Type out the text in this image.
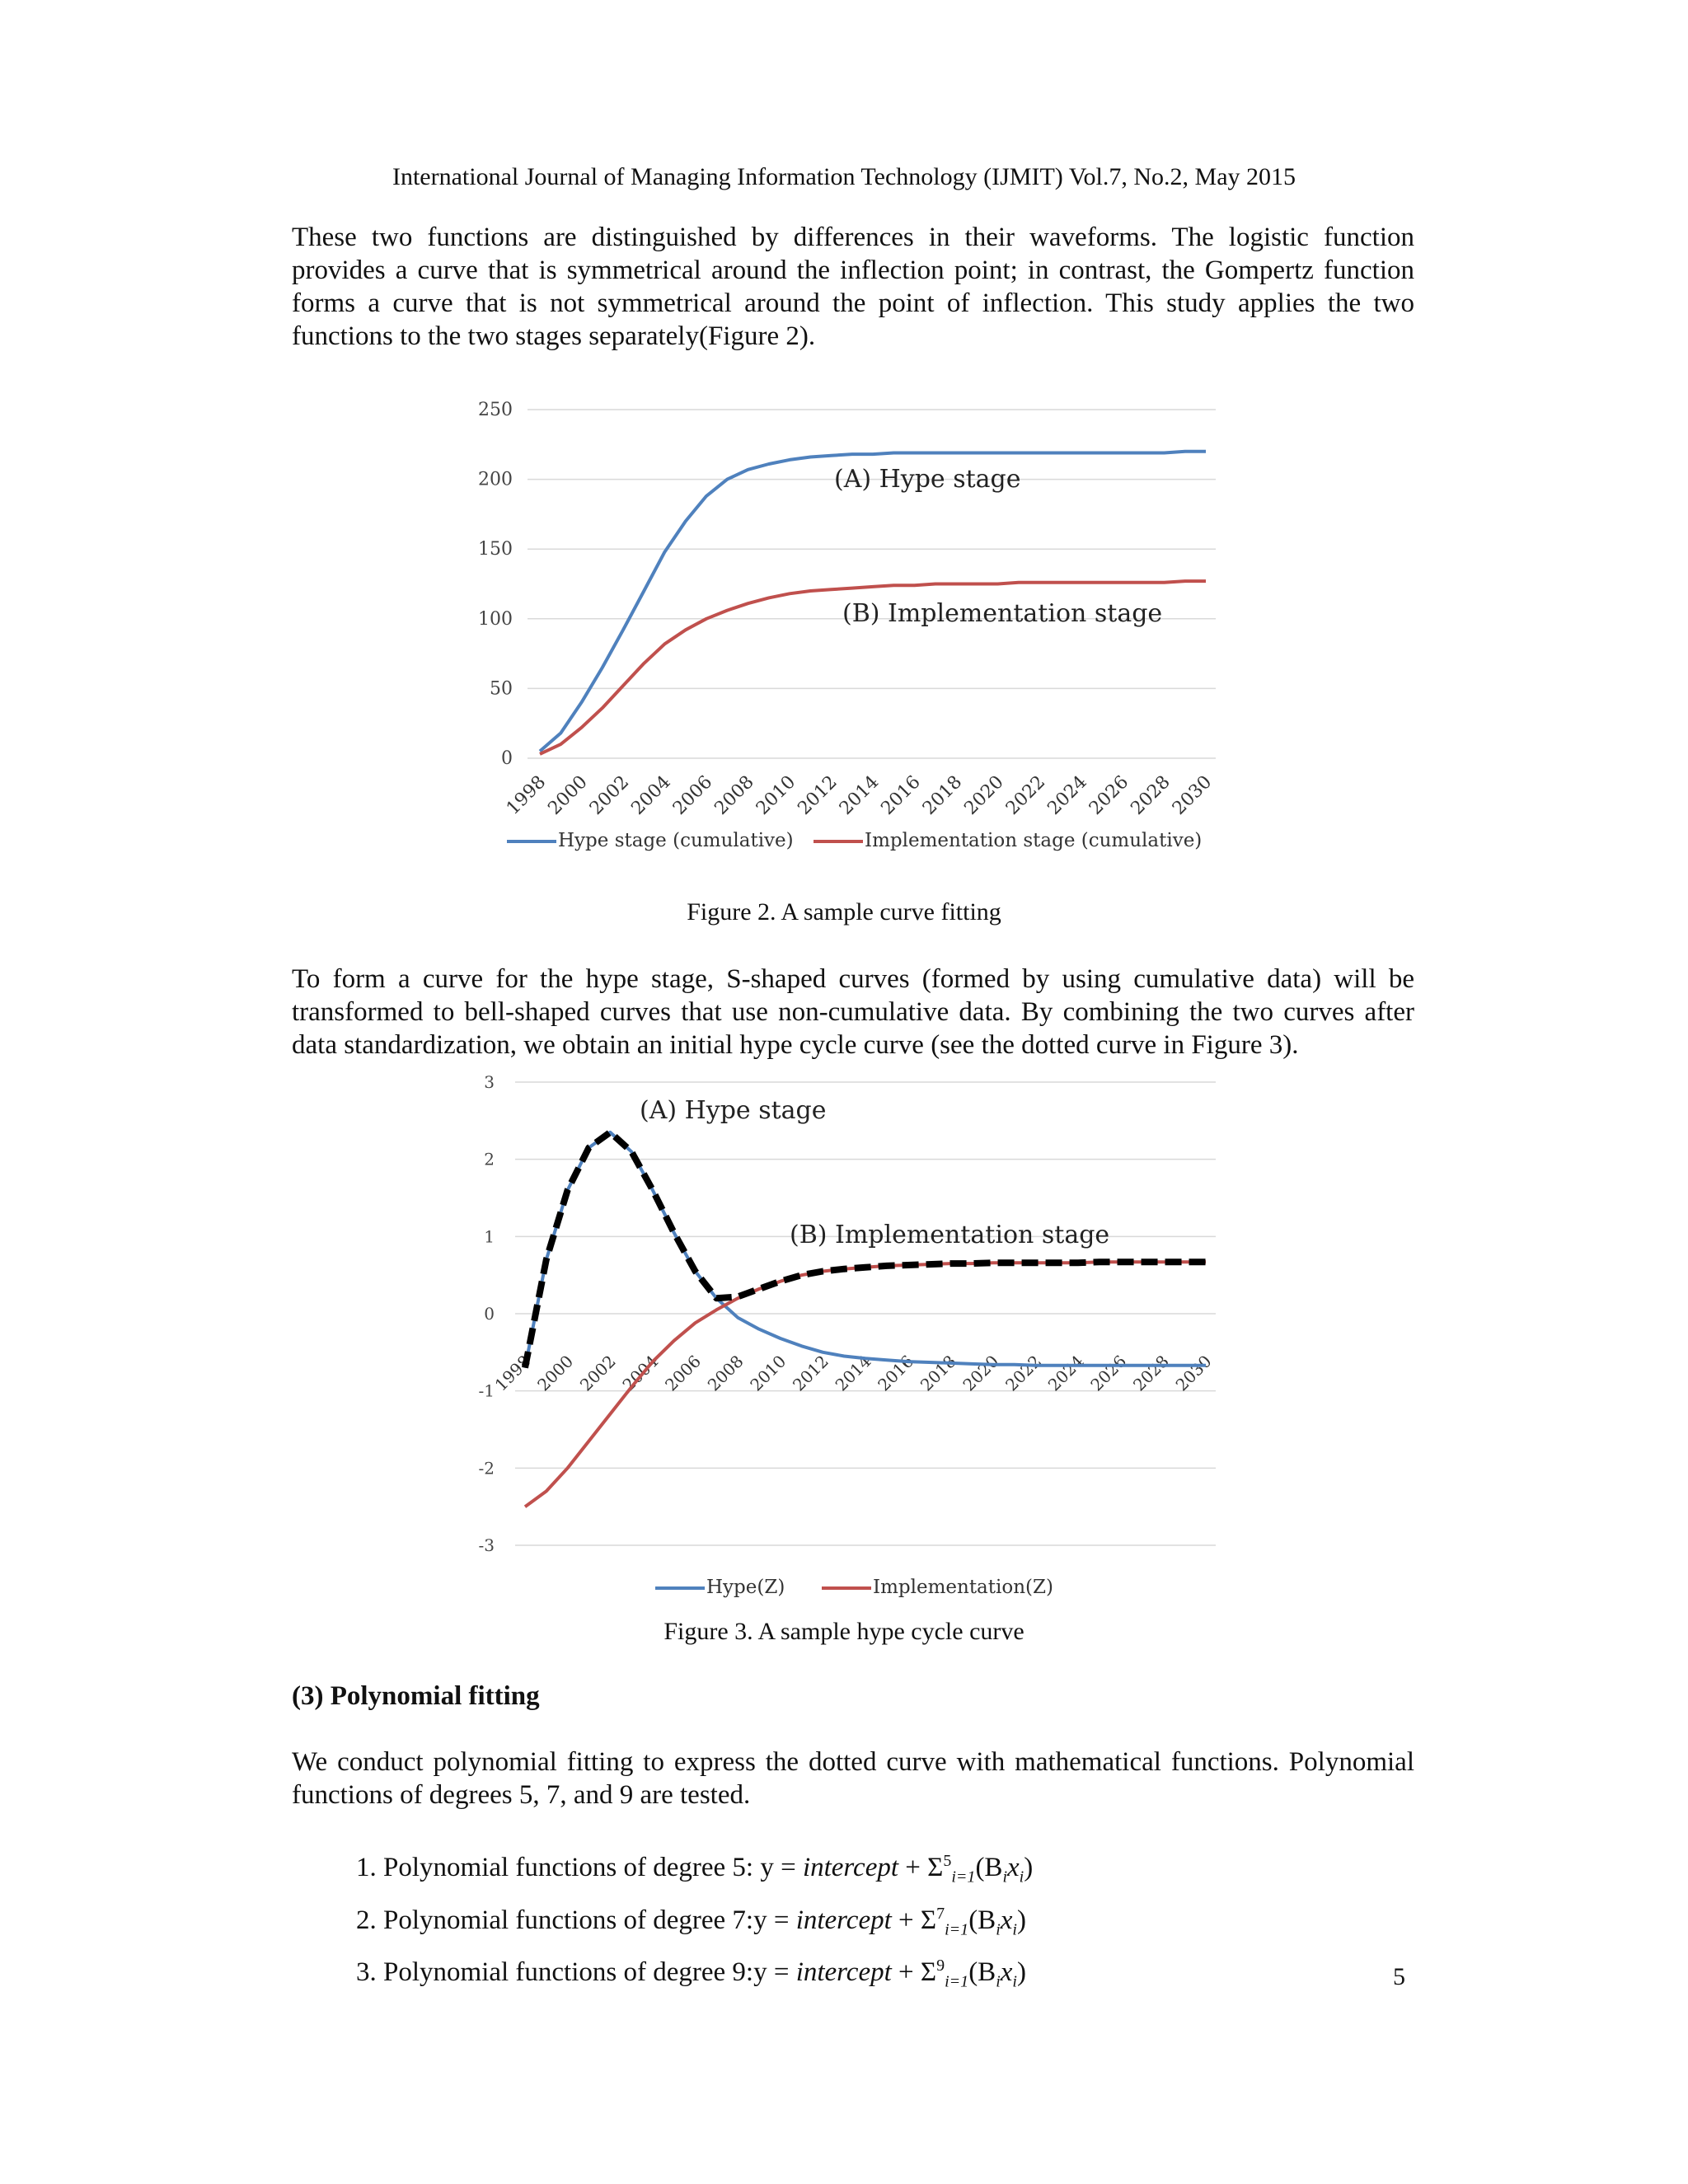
International Journal of Managing Information Technology (IJMIT) Vol.7, No.2, May 2015
These two functions are distinguished by differences in their waveforms. The logistic function provides a curve that is symmetrical around the inflection point; in contrast, the Gompertz function forms a curve that is not symmetrical around the point of inflection. This study applies the two functions to the two stages separately(Figure 2).
0
50
100
150
200
250
1998
2000
2002
2004
2006
2008
2010
2012
2014
2016
2018
2020
2022
2024
2026
2028
2030
(A) Hype stage
(B) Implementation stage
Hype stage (cumulative)	Implementation stage (cumulative)
Figure 2. A sample curve fitting
To form a curve for the hype stage, S-shaped curves (formed by using cumulative data) will be transformed to bell-shaped curves that use non-cumulative data. By combining the two curves after data standardization, we obtain an initial hype cycle curve (see the dotted curve in Figure 3).
-3
-2
-1
0
1
2
3
1998
2000
2002
2004
2006
2008
2010
2012
2014
2016
2018
2020
2022
2024
2026
2028
2030
(A) Hype stage
(B) Implementation stage
Hype(Z)	Implementation(Z)
Figure 3. A sample hype cycle curve
(3) Polynomial fitting
We conduct polynomial fitting to express the dotted curve with mathematical functions. Polynomial functions of degrees 5, 7, and 9 are tested.
1. Polynomial functions of degree 5: y = intercept + $\Sigma^5_{i=1}(B_ix_i)$
2. Polynomial functions of degree 7:y = intercept + $\Sigma^7_{i=1}(B_ix_i)$
3. Polynomial functions of degree 9:y = intercept + $\Sigma^9_{i=1}(B_ix_i)$	5
